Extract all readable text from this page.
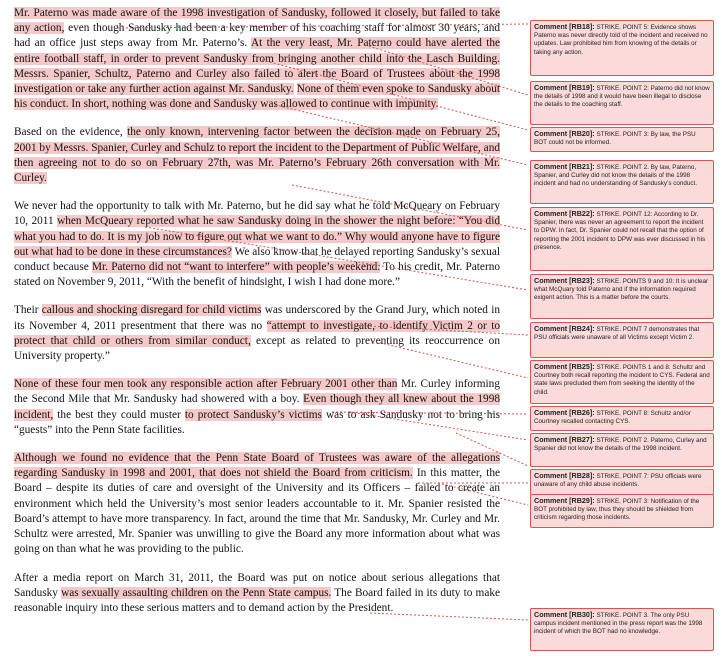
Mr. Paterno was made aware of the 1998 investigation of Sandusky, followed it closely, but failed to take any action, even though Sandusky had been a key member of his coaching staff for almost 30 years, and had an office just steps away from Mr. Paterno’s. At the very least, Mr. Paterno could have alerted the entire football staff, in order to prevent Sandusky from bringing another child into the Lasch Building. Messrs. Spanier, Schultz, Paterno and Curley also failed to alert the Board of Trustees about the 1998 investigation or take any further action against Mr. Sandusky. None of them even spoke to Sandusky about his conduct. In short, nothing was done and Sandusky was allowed to continue with impunity.

Based on the evidence, the only known, intervening factor between the decision made on February 25, 2001 by Messrs. Spanier, Curley and Schulz to report the incident to the Department of Public Welfare, and then agreeing not to do so on February 27th, was Mr. Paterno’s February 26th conversation with Mr. Curley.

We never had the opportunity to talk with Mr. Paterno, but he did say what he told McQueary on February 10, 2011 when McQueary reported what he saw Sandusky doing in the shower the night before: “You did what you had to do. It is my job now to figure out what we want to do.” Why would anyone have to figure out what had to be done in these circumstances? We also know that he delayed reporting Sandusky’s sexual conduct because Mr. Paterno did not “want to interfere” with people’s weekend. To his credit, Mr. Paterno stated on November 9, 2011, “With the benefit of hindsight, I wish I had done more.”

Their callous and shocking disregard for child victims was underscored by the Grand Jury, which noted in its November 4, 2011 presentment that there was no “attempt to investigate, to identify Victim 2 or to protect that child or others from similar conduct, except as related to preventing its reoccurrence on University property.”

None of these four men took any responsible action after February 2001 other than Mr. Curley informing the Second Mile that Mr. Sandusky had showered with a boy. Even though they all knew about the 1998 incident, the best they could muster to protect Sandusky’s victims was to ask Sandusky not to bring his “guests” into the Penn State facilities.

Although we found no evidence that the Penn State Board of Trustees was aware of the allegations regarding Sandusky in 1998 and 2001, that does not shield the Board from criticism. In this matter, the Board – despite its duties of care and oversight of the University and its Officers – failed to create an environment which held the University’s most senior leaders accountable to it. Mr. Spanier resisted the Board’s attempt to have more transparency. In fact, around the time that Mr. Sandusky, Mr. Curley and Mr. Schultz were arrested, Mr. Spanier was unwilling to give the Board any more information about what was going on than what he was providing to the public.

After a media report on March 31, 2011, the Board was put on notice about serious allegations that Sandusky was sexually assaulting children on the Penn State campus. The Board failed in its duty to make reasonable inquiry into these serious matters and to demand action by the President.

Comment [RB18]: STRIKE. POINT 5: Evidence shows Paterno was never directly told of the incident and received no updates. Law prohibited him from knowing of the details or taking any action.
Comment [RB19]: STRIKE. POINT 2: Paterno did not know the details of 1998 and it would have been illegal to disclose the details to the coaching staff.
Comment [RB20]: STRIKE. POINT 3: By law, the PSU BOT could not be informed.
Comment [RB21]: STRIKE. POINT 2. By law, Paterno, Spanier, and Curley did not know the details of the 1998 incident and had no understanding of Sandusky’s conduct.
Comment [RB22]: STRIKE. POINT 12: According to Dr. Spanier, there was never an agreement to report the incident to DPW. In fact, Dr. Spanier could not recall that the option of reporting the 2001 incident to DPW was ever discussed in his presence.
Comment [RB23]: STRIKE. POINTS 9 and 10: It is unclear what McQuary told Paterno and if the information required exigent action. This is a matter before the courts.
Comment [RB24]: STRIKE. POINT 7 demonstrates that PSU officials were unaware of all Victims except Victim 2.
Comment [RB25]: STRIKE. POINTS 1 and 8: Schultz and Courtney both recall reporting the incident to CYS. Federal and state laws precluded them from seeking the identity of the child.
Comment [RB26]: STRIKE. POINT 8: Schultz and/or Courtney recalled contacting CYS.
Comment [RB27]: STRIKE. POINT 2. Paterno, Curley and Spanier did not know the details of the 1998 incident.
Comment [RB28]: STRIKE. POINT 7: PSU officials were unaware of any child abuse incidents.
Comment [RB29]: STRIKE. POINT 3: Notification of the BOT prohibited by law, thus they should be shielded from criticism regarding those incidents.
Comment [RB30]: STRIKE. POINT 3. The only PSU campus incident mentioned in the press report was the 1998 incident of which the BOT had no knowledge.
